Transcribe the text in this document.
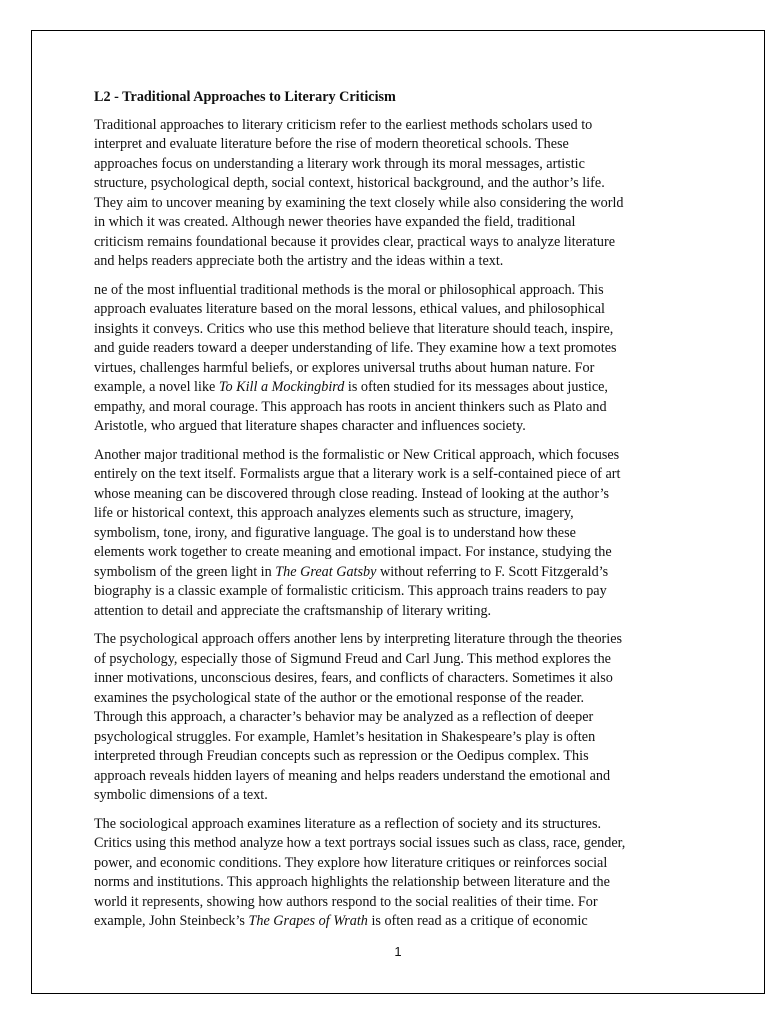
L2 - Traditional Approaches to Literary Criticism

Traditional approaches to literary criticism refer to the earliest methods scholars used to
interpret and evaluate literature before the rise of modern theoretical schools. These
approaches focus on understanding a literary work through its moral messages, artistic
structure, psychological depth, social context, historical background, and the author’s life.
They aim to uncover meaning by examining the text closely while also considering the world
in which it was created. Although newer theories have expanded the field, traditional
criticism remains foundational because it provides clear, practical ways to analyze literature
and helps readers appreciate both the artistry and the ideas within a text.

ne of the most influential traditional methods is the moral or philosophical approach. This
approach evaluates literature based on the moral lessons, ethical values, and philosophical
insights it conveys. Critics who use this method believe that literature should teach, inspire,
and guide readers toward a deeper understanding of life. They examine how a text promotes
virtues, challenges harmful beliefs, or explores universal truths about human nature. For
example, a novel like To Kill a Mockingbird is often studied for its messages about justice,
empathy, and moral courage. This approach has roots in ancient thinkers such as Plato and
Aristotle, who argued that literature shapes character and influences society.

Another major traditional method is the formalistic or New Critical approach, which focuses
entirely on the text itself. Formalists argue that a literary work is a self-contained piece of art
whose meaning can be discovered through close reading. Instead of looking at the author’s
life or historical context, this approach analyzes elements such as structure, imagery,
symbolism, tone, irony, and figurative language. The goal is to understand how these
elements work together to create meaning and emotional impact. For instance, studying the
symbolism of the green light in The Great Gatsby without referring to F. Scott Fitzgerald’s
biography is a classic example of formalistic criticism. This approach trains readers to pay
attention to detail and appreciate the craftsmanship of literary writing.

The psychological approach offers another lens by interpreting literature through the theories
of psychology, especially those of Sigmund Freud and Carl Jung. This method explores the
inner motivations, unconscious desires, fears, and conflicts of characters. Sometimes it also
examines the psychological state of the author or the emotional response of the reader.
Through this approach, a character’s behavior may be analyzed as a reflection of deeper
psychological struggles. For example, Hamlet’s hesitation in Shakespeare’s play is often
interpreted through Freudian concepts such as repression or the Oedipus complex. This
approach reveals hidden layers of meaning and helps readers understand the emotional and
symbolic dimensions of a text.

The sociological approach examines literature as a reflection of society and its structures.
Critics using this method analyze how a text portrays social issues such as class, race, gender,
power, and economic conditions. They explore how literature critiques or reinforces social
norms and institutions. This approach highlights the relationship between literature and the
world it represents, showing how authors respond to the social realities of their time. For
example, John Steinbeck’s The Grapes of Wrath is often read as a critique of economic

1
